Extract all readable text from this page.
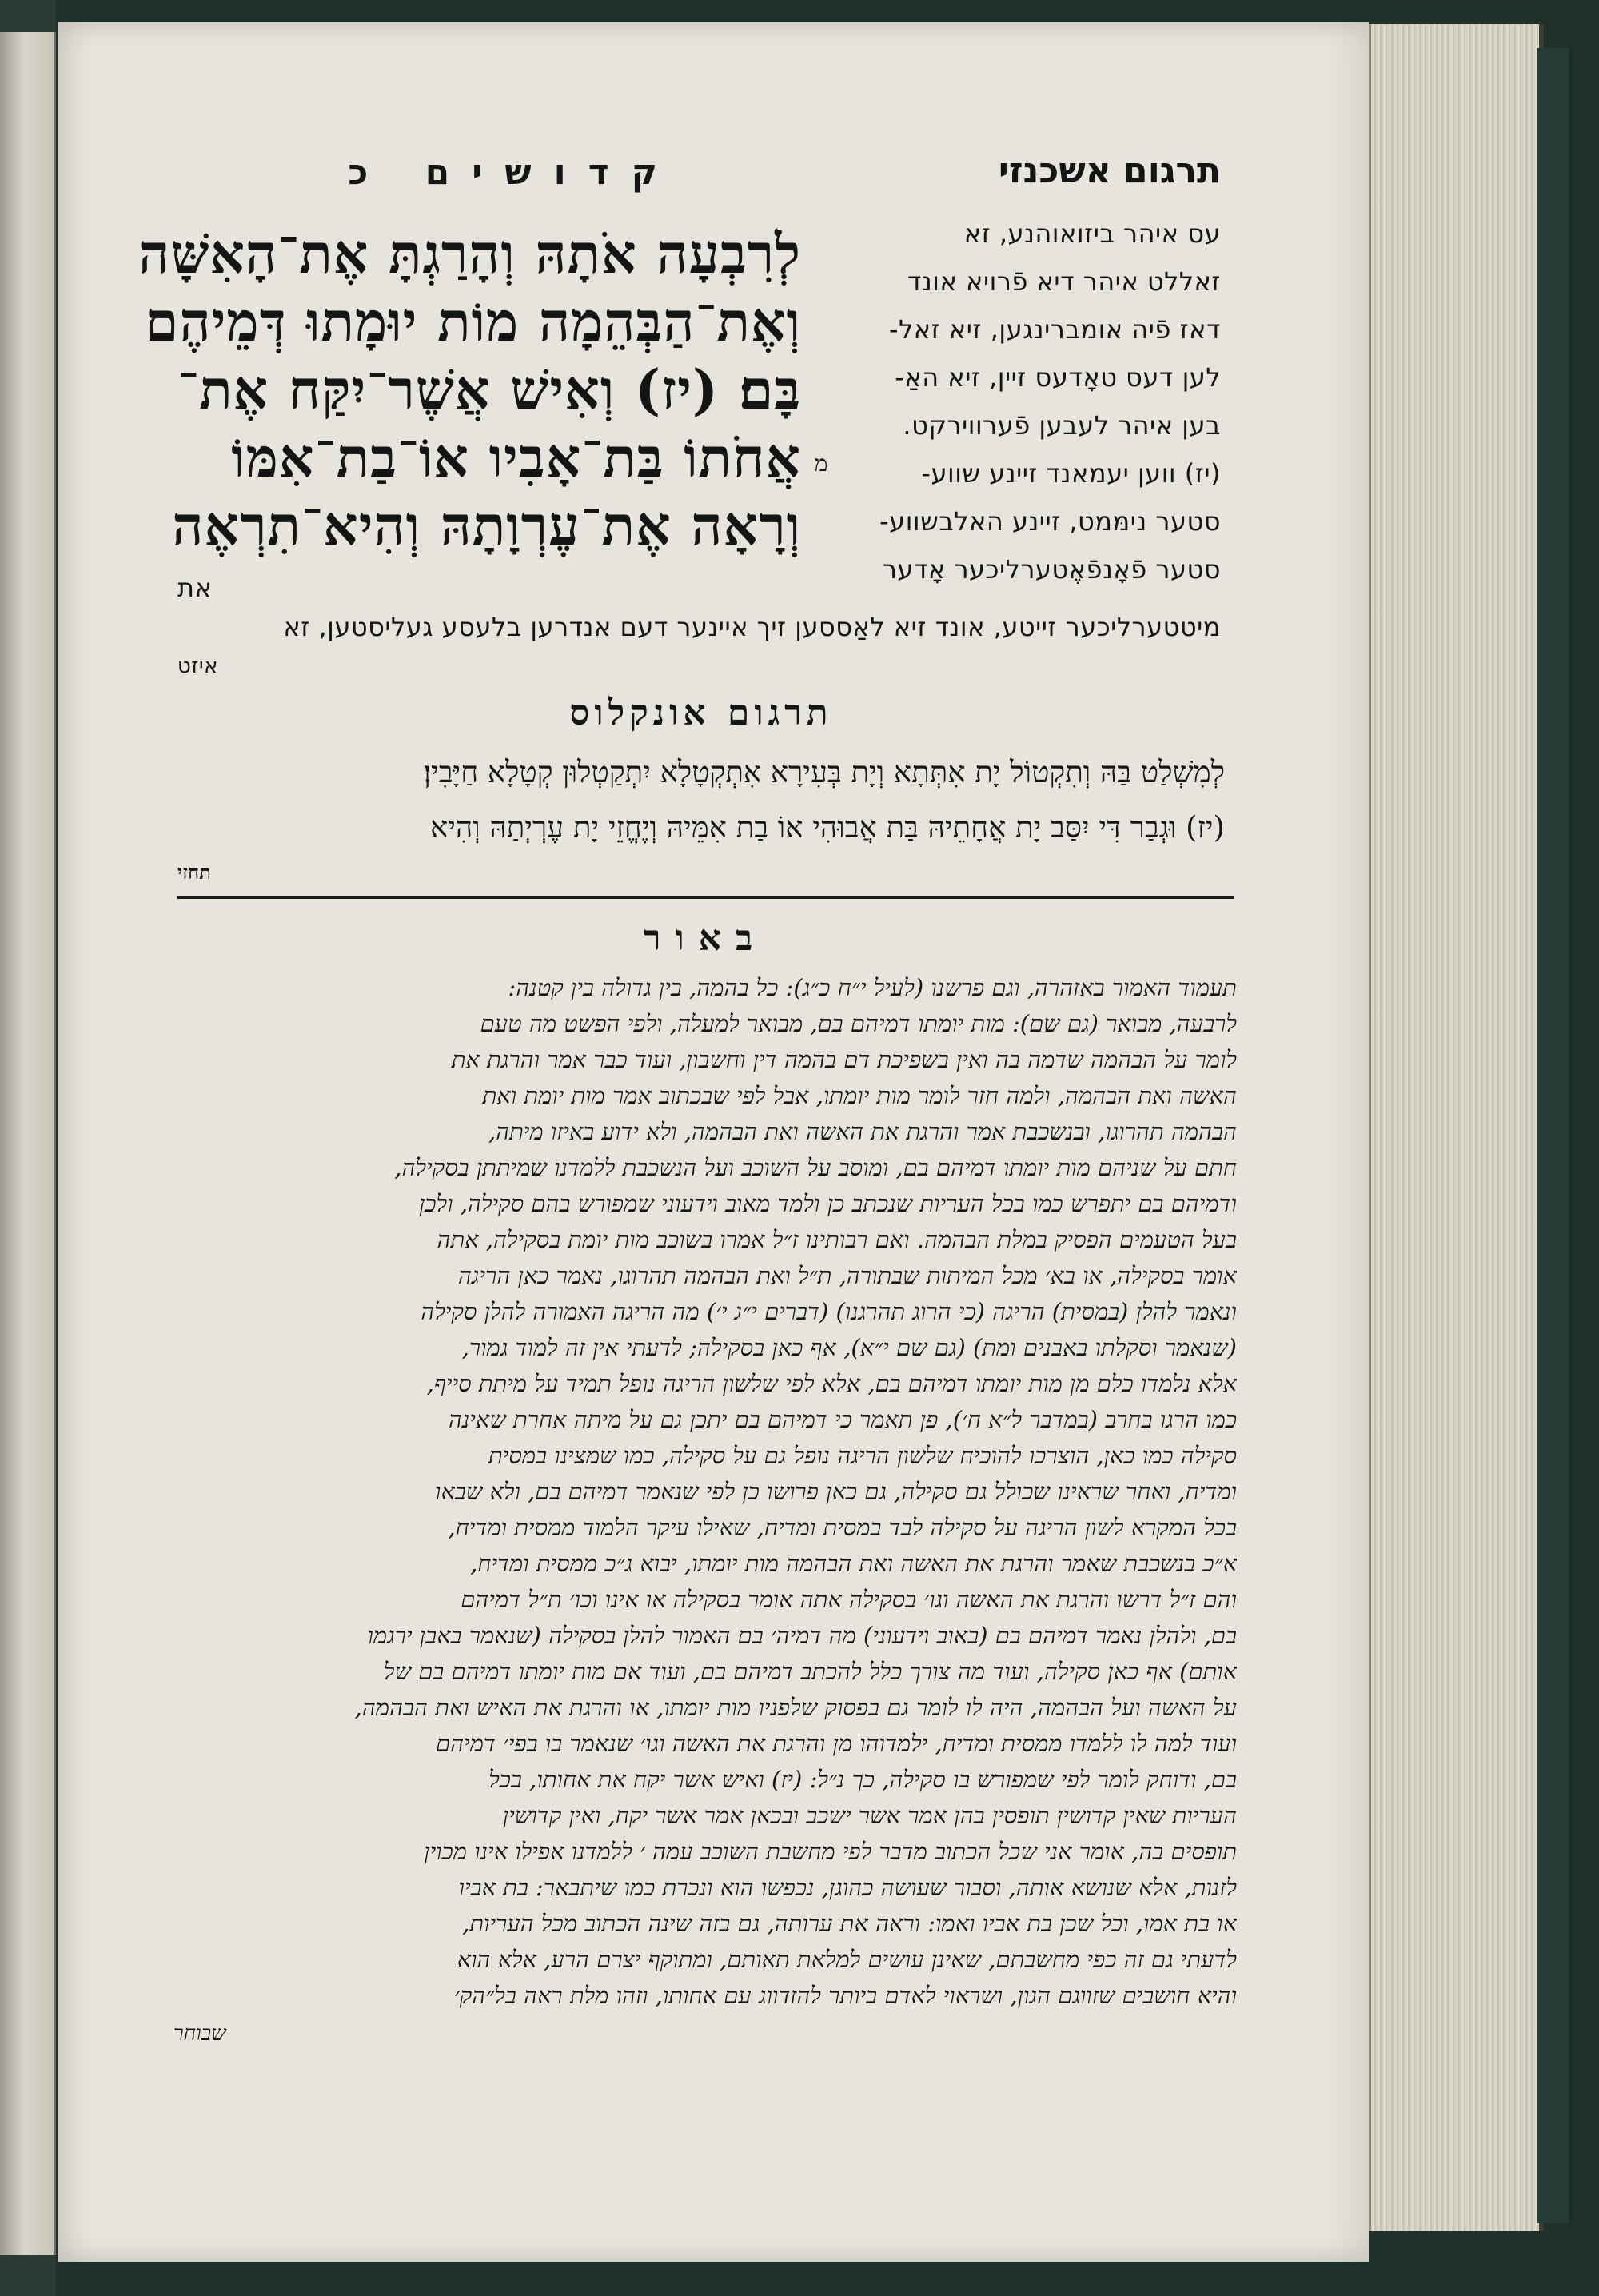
קדושים כ	תרגום אשכנזי
לְרִבְעָה אֹתָהּ וְהָרַגְתָּ אֶת־הָאִשָּׁה
וְאֶת־הַבְּהֵמָה מוֹת יוּמָתוּ דְּמֵיהֶם
בָּם׃ (יז) וְאִישׁ אֲשֶׁר־יִקַּח אֶת־
אֲחֹתוֹ בַּת־אָבִיו אוֹ־בַת־אִמּוֹ
וְרָאָה אֶת־עֶרְוָתָהּ וְהִיא־תִרְאֶה
מ
עס איהר ביזואוהנע, זא
זאללט איהר דיא פֿרויא אונד
דאז פֿיה אומברינגען, זיא זאל-
לען דעס טאָדעס זיין, זיא האַ-
בען איהר לעבען פֿערווירקט.
(יז) ווען יעמאנד זיינע שווע-
סטער נימּמט, זיינע האלבשווע-
סטער פֿאָנפֿאֶטערליכער אָדער
את
מיטטערליכער זייטע, אונד זיא לאַססען זיך איינער דעם אנדרען בלעסע געליסטען, זא
איזט
תרגום אונקלוס
לְמִשְׁלַט בַּהּ וְתִקְטוֹל יָת אִתְּתָא וְיָת בְּעִירָא אִתְקְטָלָא יִתְקַטְלוּן קְטָלָא חַיָּבִין׃
(יז) וּגְבַר דִּי יִסַּב יָת אֲחָתֵיהּ בַּת אֲבוּהִי אוֹ בַת אִמֵּיהּ וְיֶחֱזֵי יָת עֶרְיְתַהּ וְהִיא
תחזי
באור
תעמוד האמור באזהרה, וגם פרשנו (לעיל י״ח כ״ג): כל בהמה, בין גדולה בין קטנה:
לרבעה, מבואר (גם שם): מות יומתו דמיהם בם, מבואר למעלה, ולפי הפשט מה טעם
לומר על הבהמה שדמה בה ואין בשפיכת דם בהמה דין וחשבון, ועוד כבר אמר והרגת את
האשה ואת הבהמה, ולמה חזר לומר מות יומתו, אבל לפי שבכתוב אמר מות יומת ואת
הבהמה תהרוגו, ובנשכבת אמר והרגת את האשה ואת הבהמה, ולא ידוע באיזו מיתה,
חתם על שניהם מות יומתו דמיהם בם, ומוסב על השוכב ועל הנשכבת ללמדנו שמיתתן בסקילה,
ודמיהם בם יתפרש כמו בכל העריות שנכתב כן ולמד מאוב וידעוני שמפורש בהם סקילה, ולכן
בעל הטעמים הפסיק במלת הבהמה. ואם רבותינו ז״ל אמרו בשוכב מות יומת בסקילה, אתה
אומר בסקילה, או בא׳ מכל המיתות שבתורה, ת״ל ואת הבהמה תהרוגו, נאמר כאן הריגה
ונאמר להלן (במסית) הריגה (כי הרוג תהרגנו) (דברים י״ג י׳) מה הריגה האמורה להלן סקילה
(שנאמר וסקלתו באבנים ומת) (גם שם י״א), אף כאן בסקילה; לדעתי אין זה למוד גמור,
אלא נלמדו כלם מן מות יומתו דמיהם בם, אלא לפי שלשון הריגה נופל תמיד על מיתת סייף,
כמו הרגו בחרב (במדבר ל״א ח׳), פן תאמר כי דמיהם בם יתכן גם על מיתה אחרת שאינה
סקילה כמו כאן, הוצרכו להוכיח שלשון הריגה נופל גם על סקילה, כמו שמצינו במסית
ומדיח, ואחר שראינו שכולל גם סקילה, גם כאן פרושו כן לפי שנאמר דמיהם בם, ולא שבאו
בכל המקרא לשון הריגה על סקילה לבד במסית ומדיח, שאילו עיקר הלמוד ממסית ומדיח,
א״כ בנשכבת שאמר והרגת את האשה ואת הבהמה מות יומתו, יבוא ג״כ ממסית ומדיח,
והם ז״ל דרשו והרגת את האשה וגו׳ בסקילה אתה אומר בסקילה או אינו וכו׳ ת״ל דמיהם
בם, ולהלן נאמר דמיהם בם (באוב וידעוני) מה דמיה׳ בם האמור להלן בסקילה (שנאמר באבן ירגמו
אותם) אף כאן סקילה, ועוד מה צורך כלל להכתב דמיהם בם, ועוד אם מות יומתו דמיהם בם של
על האשה ועל הבהמה, היה לו לומר גם בפסוק שלפניו מות יומתו, או והרגת את האיש ואת הבהמה,
ועוד למה לו ללמדו ממסית ומדיח, ילמדוהו מן והרגת את האשה וגו׳ שנאמר בו בפי׳ דמיהם
בם, ודוחק לומר לפי שמפורש בו סקילה, כך נ״ל: (יז) ואיש אשר יקח את אחותו, בכל
העריות שאין קדושין תופסין בהן אמר אשר ישכב ובכאן אמר אשר יקח, ואין קדושין
תופסים בה, אומר אני שכל הכתוב מדבר לפי מחשבת השוכב עמה ׳ ללמדנו אפילו אינו מכוין
לזנות, אלא שנושא אותה, וסבור שעושה כהוגן, נכפשו הוא ונכרת כמו שיתבאר: בת אביו
או בת אמו, וכל שכן בת אביו ואמו: וראה את ערותה, גם בזה שינה הכתוב מכל העריות,
לדעתי גם זה כפי מחשבתם, שאינן עושים למלאת תאותם, ומתוקף יצרם הרע, אלא הוא
והיא חושבים שזווגם הגון, ושראוי לאדם ביותר להזדווג עם אחותו, וזהו מלת ראה בל״הק׳
שבוחר
